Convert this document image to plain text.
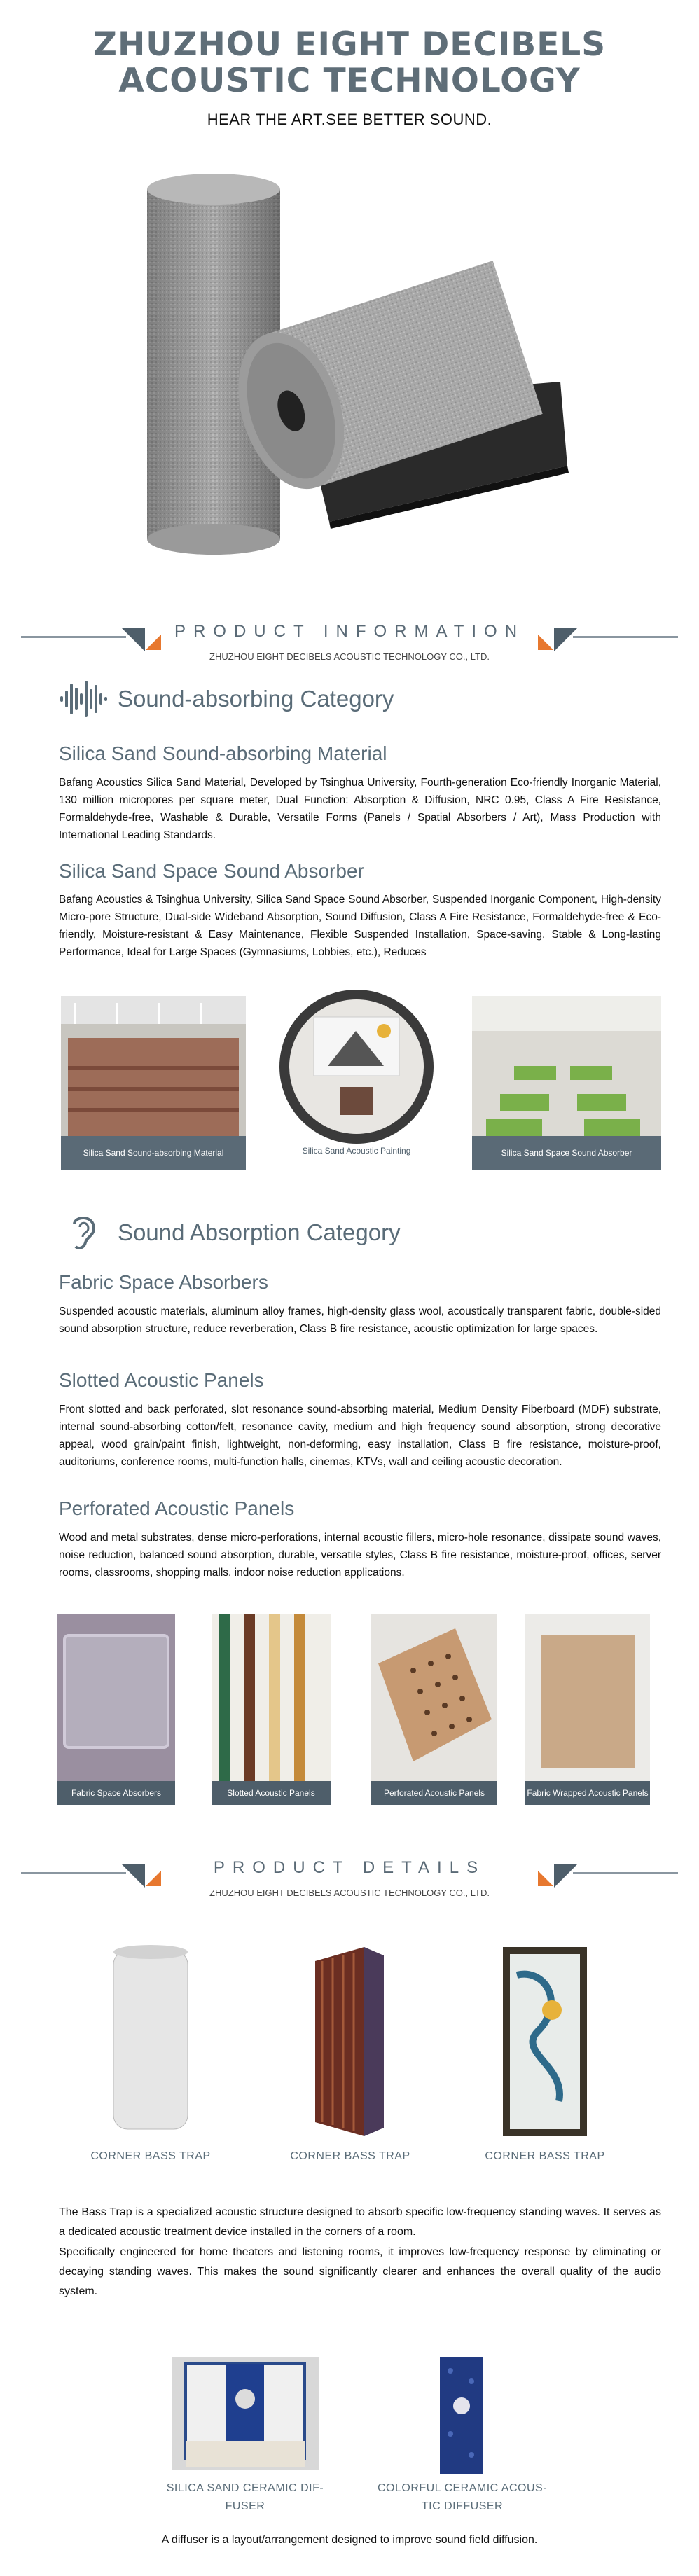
ZHUZHOU EIGHT DECIBELS ACOUSTIC TECHNOLOGY
HEAR THE ART.SEE BETTER SOUND.
PRODUCT INFORMATION
ZHUZHOU EIGHT DECIBELS ACOUSTIC TECHNOLOGY CO., LTD.
Sound-absorbing Category
Silica Sand Sound-absorbing Material
Bafang Acoustics Silica Sand Material, Developed by Tsinghua University, Fourth-generation Eco-friendly Inorganic Material, 130 million micropores per square meter, Dual Function: Absorption & Diffusion, NRC 0.95, Class A Fire Resistance, Formaldehyde-free, Washable & Durable, Versatile Forms (Panels / Spatial Absorbers / Art), Mass Production with International Leading Standards.
Silica Sand Space Sound Absorber
Bafang Acoustics & Tsinghua University, Silica Sand Space Sound Absorber, Suspended Inorganic Component, High-density Micro-pore Structure, Dual-side Wideband Absorption, Sound Diffusion, Class A Fire Resistance, Formaldehyde-free & Eco-friendly, Moisture-resistant & Easy Maintenance, Flexible Suspended Installation, Space-saving, Stable & Long-lasting Performance, Ideal for Large Spaces (Gymnasiums, Lobbies, etc.), Reduces
Silica Sand Sound-absorbing Material	Silica Sand Acoustic Painting	Silica Sand Space Sound Absorber
Sound Absorption Category
Fabric Space Absorbers
Suspended acoustic materials, aluminum alloy frames, high-density glass wool, acoustically transparent fabric, double-sided sound absorption structure, reduce reverberation, Class B fire resistance, acoustic optimization for large spaces.
Slotted Acoustic Panels
Front slotted and back perforated, slot resonance sound-absorbing material, Medium Density Fiberboard (MDF) substrate, internal sound-absorbing cotton/felt, resonance cavity, medium and high frequency sound absorption, strong decorative appeal, wood grain/paint finish, lightweight, non-deforming, easy installation, Class B fire resistance, moisture-proof, auditoriums, conference rooms, multi-function halls, cinemas, KTVs, wall and ceiling acoustic decoration.
Perforated Acoustic Panels
Wood and metal substrates, dense micro-perforations, internal acoustic fillers, micro-hole resonance, dissipate sound waves, noise reduction, balanced sound absorption, durable, versatile styles, Class B fire resistance, moisture-proof, offices, server rooms, classrooms, shopping malls, indoor noise reduction applications.
Fabric Space Absorbers	Slotted Acoustic Panels	Perforated Acoustic Panels	Fabric Wrapped Acoustic Panels
PRODUCT DETAILS
ZHUZHOU EIGHT DECIBELS ACOUSTIC TECHNOLOGY CO., LTD.
CORNER BASS TRAP	CORNER BASS TRAP	CORNER BASS TRAP
The Bass Trap is a specialized acoustic structure designed to absorb specific low-frequency standing waves. It serves as a dedicated acoustic treatment device installed in the corners of a room.
Specifically engineered for home theaters and listening rooms, it improves low-frequency response by eliminating or decaying standing waves. This makes the sound significantly clearer and enhances the overall quality of the audio system.
SILICA SAND CERAMIC DIF-
FUSER
COLORFUL CERAMIC ACOUS-
TIC DIFFUSER
A diffuser is a layout/arrangement designed to improve sound field diffusion.
